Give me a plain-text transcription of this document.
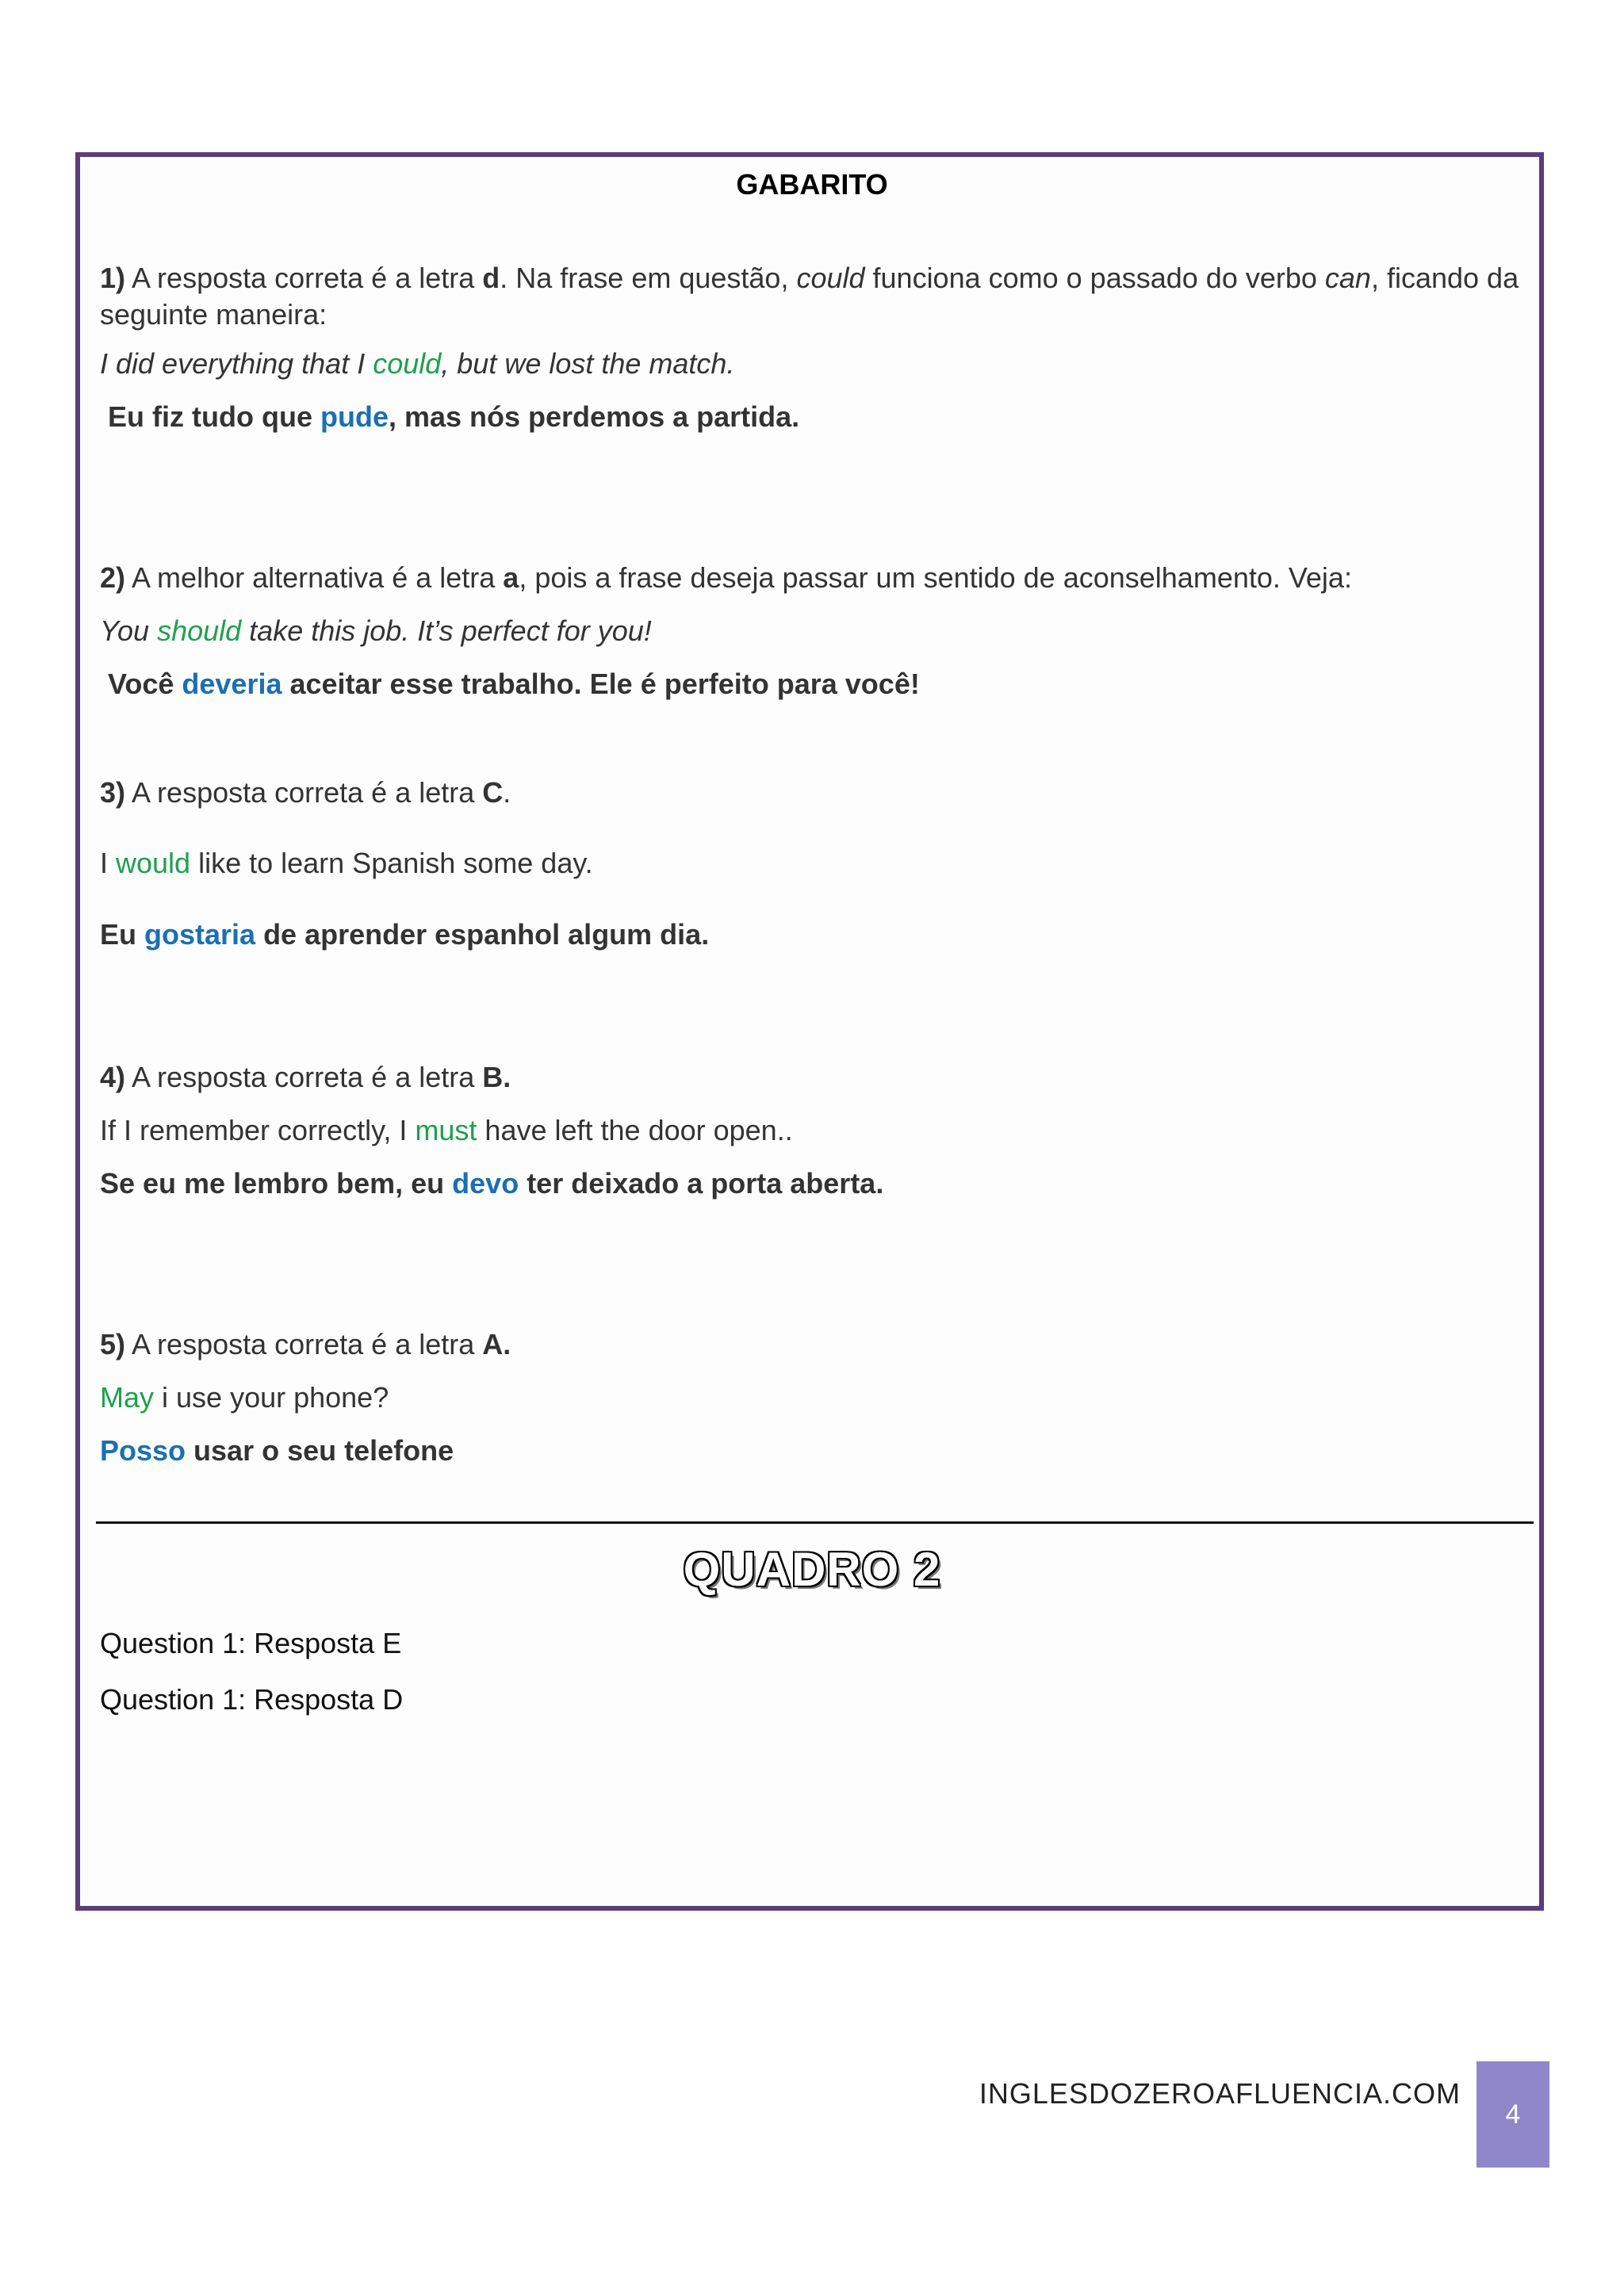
GABARITO
1) A resposta correta é a letra d. Na frase em questão, could funciona como o passado do verbo can, ficando da seguinte maneira:
I did everything that I could, but we lost the match.
Eu fiz tudo que pude, mas nós perdemos a partida.
2) A melhor alternativa é a letra a, pois a frase deseja passar um sentido de aconselhamento. Veja:
You should take this job. It’s perfect for you!
Você deveria aceitar esse trabalho. Ele é perfeito para você!
3) A resposta correta é a letra C.
I would like to learn Spanish some day.
Eu gostaria de aprender espanhol algum dia.
4) A resposta correta é a letra B.
If I remember correctly, I must have left the door open..
Se eu me lembro bem, eu devo ter deixado a porta aberta.
5) A resposta correta é a letra A.
May i use your phone?
Posso usar o seu telefone
QUADRO 2
Question 1: Resposta E
Question 1: Resposta D
INGLESDOZEROAFLUENCIA.COM
4
